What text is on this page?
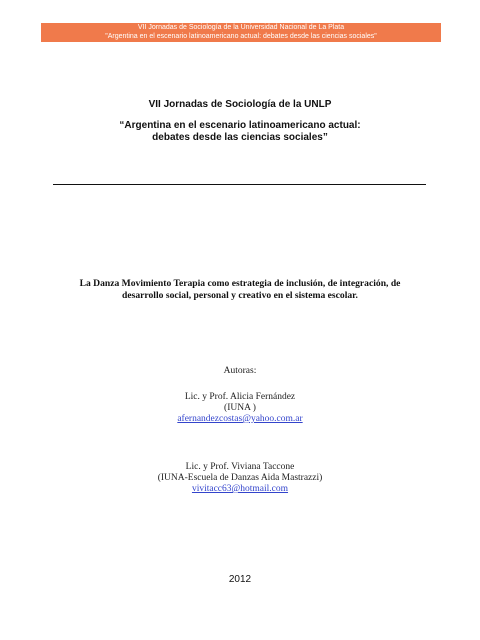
VII Jornadas de Sociología de la Universidad Nacional de La Plata
"Argentina en el escenario latinoamericano actual: debates desde las ciencias sociales"
VII Jornadas de Sociología de la UNLP
“Argentina en el escenario latinoamericano actual:
debates desde las ciencias sociales”
La Danza Movimiento Terapia como estrategia de inclusión, de integración, de
desarrollo social, personal y creativo en el sistema escolar.
Autoras:
Lic. y Prof. Alicia Fernández
(IUNA )
afernandezcostas@yahoo.com.ar
Lic. y Prof. Viviana Taccone
(IUNA-Escuela de Danzas Aida Mastrazzi)
vivitacc63@hotmail.com
2012
